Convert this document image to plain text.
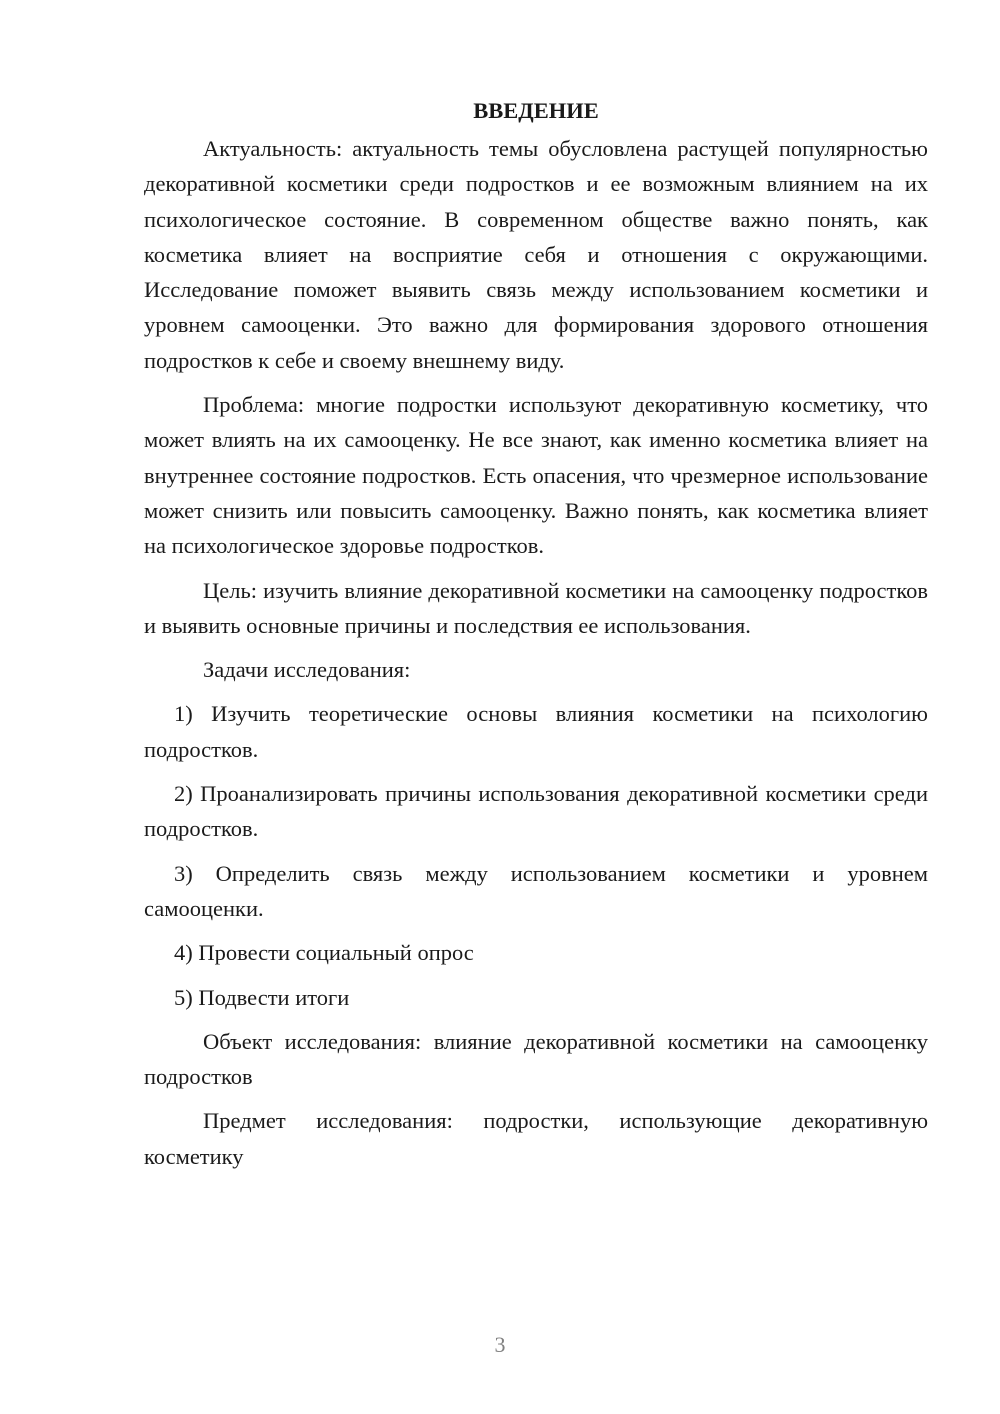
ВВЕДЕНИЕ

Актуальность: актуальность темы обусловлена растущей популярностью декоративной косметики среди подростков и ее возможным влиянием на их психологическое состояние. В современном обществе важно понять, как косметика влияет на восприятие себя и отношения с окружающими. Исследование поможет выявить связь между использованием косметики и уровнем самооценки. Это важно для формирования здорового отношения подростков к себе и своему внешнему виду.

Проблема: многие подростки используют декоративную косметику, что может влиять на их самооценку. Не все знают, как именно косметика влияет на внутреннее состояние подростков. Есть опасения, что чрезмерное использование может снизить или повысить самооценку. Важно понять, как косметика влияет на психологическое здоровье подростков.

Цель: изучить влияние декоративной косметики на самооценку подростков и выявить основные причины и последствия ее использования.

Задачи исследования:

1) Изучить теоретические основы влияния косметики на психологию подростков.

2) Проанализировать причины использования декоративной косметики среди подростков.

3) Определить связь между использованием косметики и уровнем самооценки.

4) Провести социальный опрос

5) Подвести итоги

Объект исследования: влияние декоративной косметики на самооценку подростков

Предмет исследования: подростки, использующие декоративную косметику

3
